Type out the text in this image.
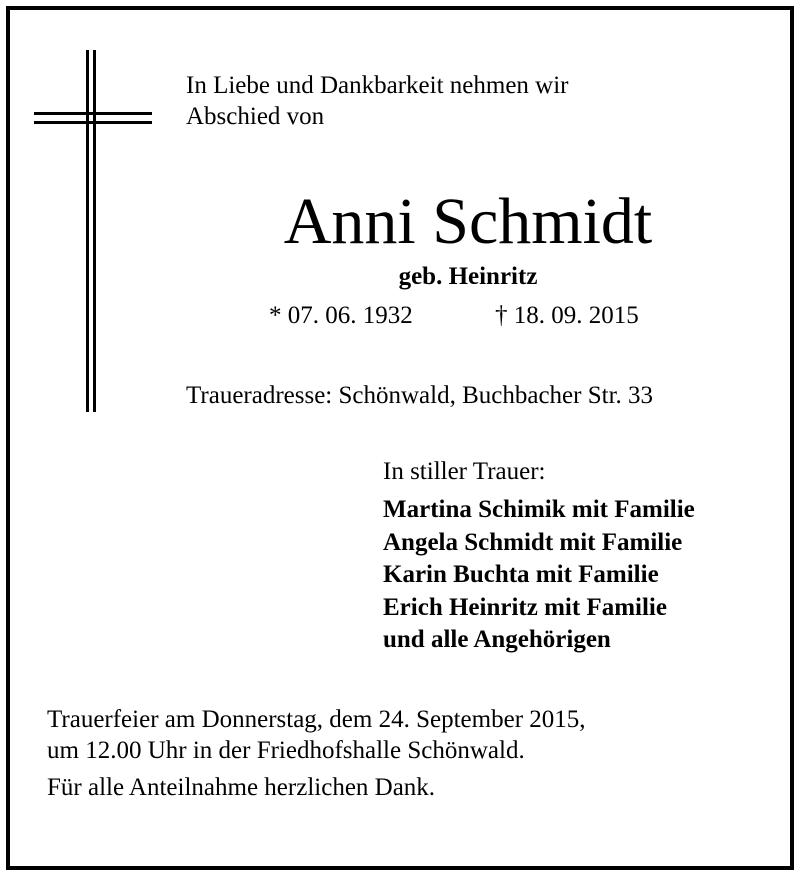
In Liebe und Dankbarkeit nehmen wir
Abschied von

Anni Schmidt

geb. Heinritz

* 07. 06. 1932	† 18. 09. 2015

Traueradresse: Schönwald, Buchbacher Str. 33

In stiller Trauer:

Martina Schimik mit Familie
Angela Schmidt mit Familie
Karin Buchta mit Familie
Erich Heinritz mit Familie
und alle Angehörigen

Trauerfeier am Donnerstag, dem 24. September 2015,
um 12.00 Uhr in der Friedhofshalle Schönwald.

Für alle Anteilnahme herzlichen Dank.
